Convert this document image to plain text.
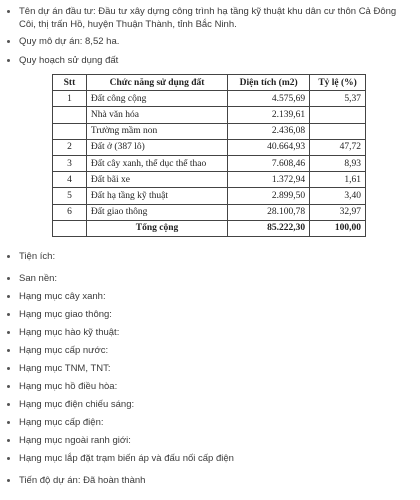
Tên dự án đầu tư: Đầu tư xây dựng công trình hạ tầng kỹ thuật khu dân cư thôn Cả Đông Côi, thị trấn Hồ, huyện Thuận Thành, tỉnh Bắc Ninh.
Quy mô dự án: 8,52 ha.
Quy hoạch sử dụng đất
Stt	Chức năng sử dụng đất	Diện tích (m2)	Tỷ lệ (%)
1	Đất công cộng	4.575,69	5,37
	Nhà văn hóa	2.139,61	
	Trường mầm non	2.436,08	
2	Đất ở (387 lô)	40.664,93	47,72
3	Đất cây xanh, thể dục thể thao	7.608,46	8,93
4	Đất bãi xe	1.372,94	1,61
5	Đất hạ tầng kỹ thuật	2.899,50	3,40
6	Đất giao thông	28.100,78	32,97
	Tổng cộng	85.222,30	100,00
Tiện ích:
San nền:
Hạng mục cây xanh:
Hạng mục giao thông:
Hạng mục hào kỹ thuật:
Hạng mục cấp nước:
Hạng mục TNM, TNT:
Hạng mục hồ điều hòa:
Hạng mục điện chiếu sáng:
Hạng mục cấp điện:
Hạng mục ngoài ranh giới:
Hạng mục lắp đặt trạm biến áp và đấu nối cấp điện
Tiến độ dự án: Đã hoàn thành
